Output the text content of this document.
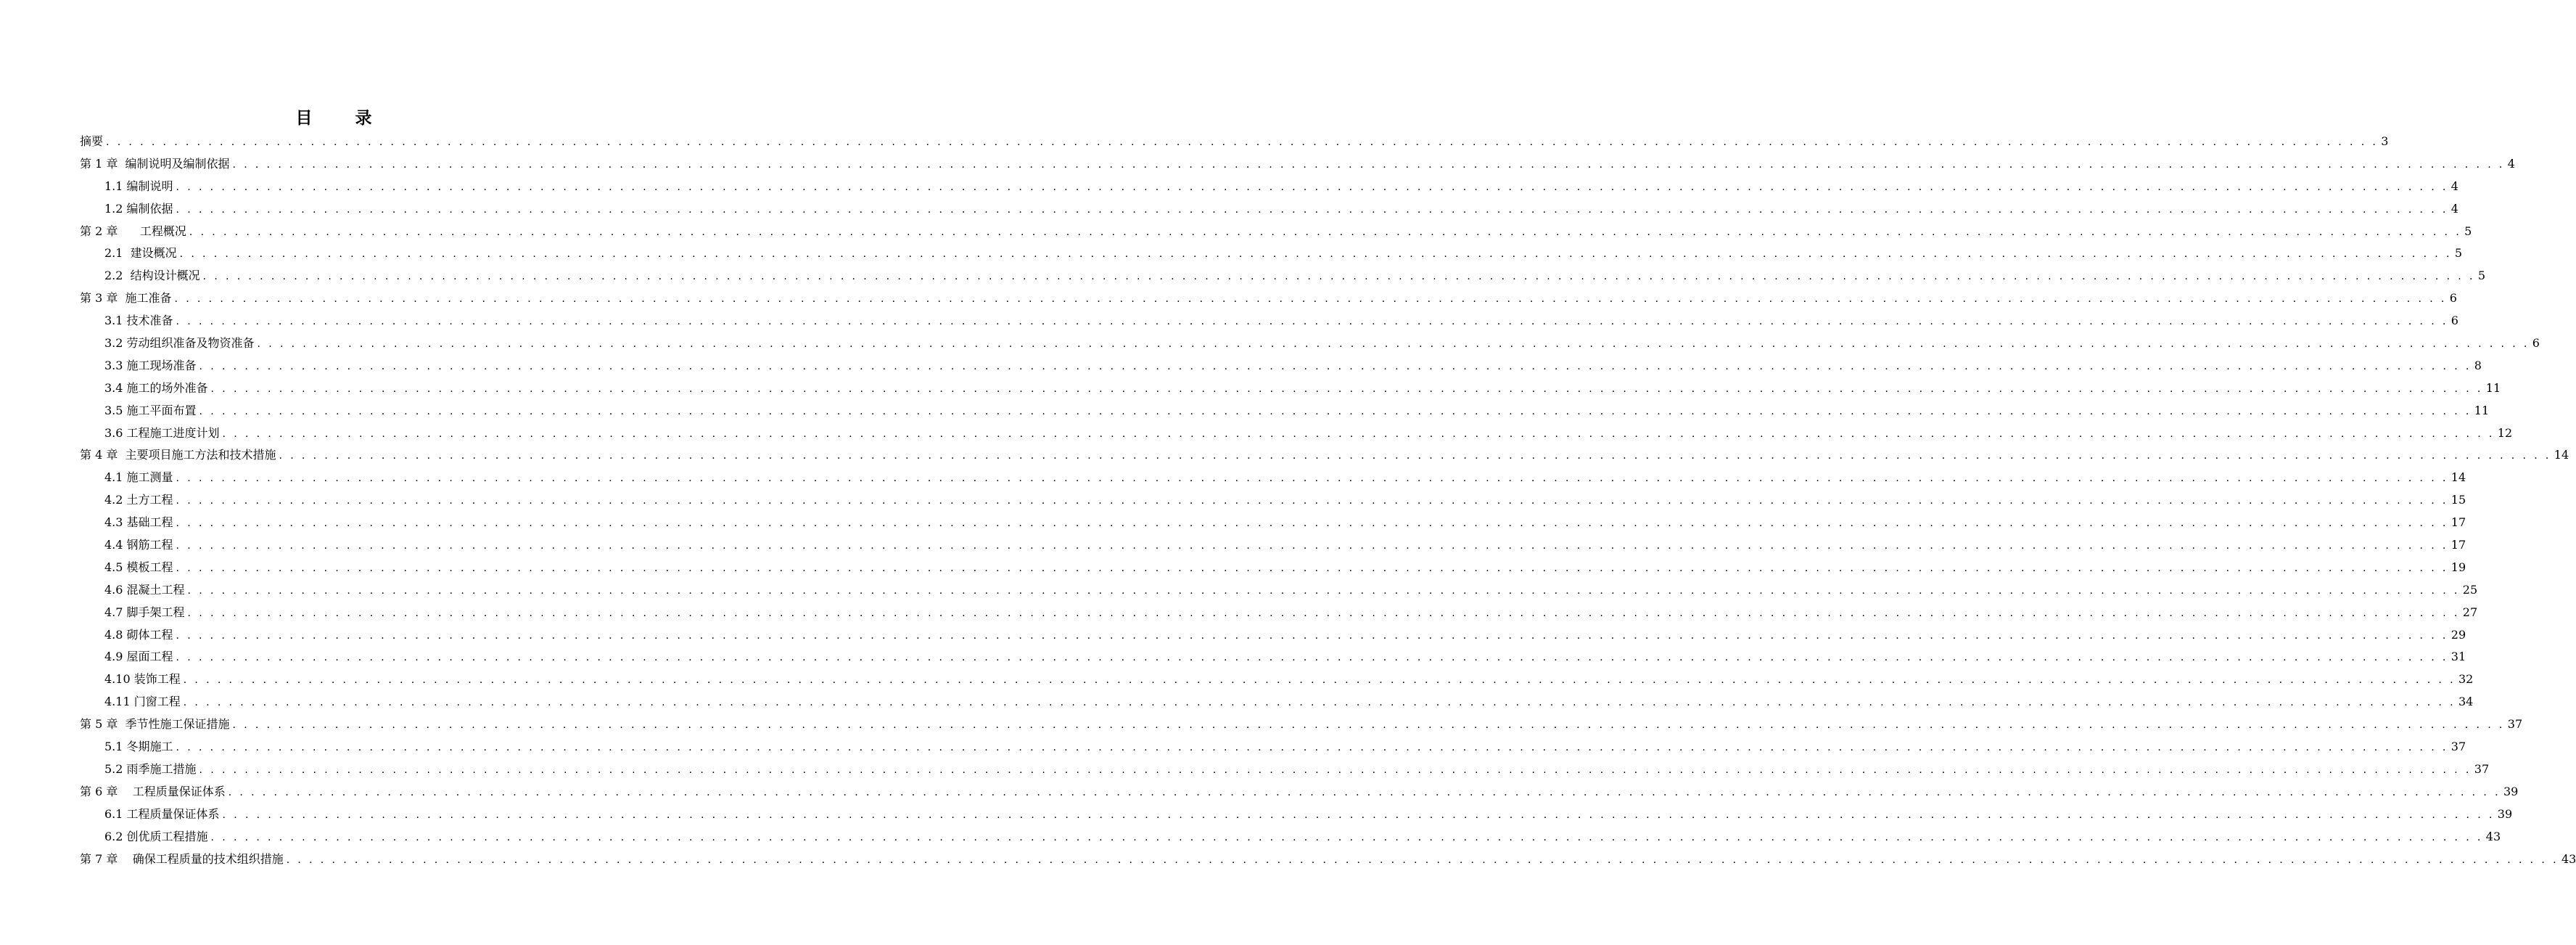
目　录
摘要 . . . . . . . . . . . . . . . . . . . . . . . . . . . . . . . . . . . . . . . . . . . . . . . . . . . . . . . . . . . . . . . . . . . . . . . . . . . . . . . . . . . . . . . . . . . . . . . . . . . . . . . . . . . . . . . . . . . . . . . . . . . . . . . . . . . . . . . . . . . . . . . . . . . . . . . . . . . . . . . . . . . . . . . . . . . . . . . . . . . . . . . . . . . . . . . . . . . . . . . . 3
第 1 章  编制说明及编制依据 . . . . . . . . . . . . . . . . . . . . . . . . . . . . . . . . . . . . . . . . . . . . . . . . . . . . . . . . . . . . . . . . . . . . . . . . . . . . . . . . . . . . . . . . . . . . . . . . . . . . . . . . . . . . . . . . . . . . . . . . . . . . . . . . . . . . . . . . . . . . . . . . . . . . . . . . . . . . . . . . . . . . . . . . . . . . . . . . . . . . . . . . . . . . . . . . . . . . . . . . 4
1.1 编制说明 . . . . . . . . . . . . . . . . . . . . . . . . . . . . . . . . . . . . . . . . . . . . . . . . . . . . . . . . . . . . . . . . . . . . . . . . . . . . . . . . . . . . . . . . . . . . . . . . . . . . . . . . . . . . . . . . . . . . . . . . . . . . . . . . . . . . . . . . . . . . . . . . . . . . . . . . . . . . . . . . . . . . . . . . . . . . . . . . . . . . . . . . . . . . . . . . . . . . . . . . 4
1.2 编制依据 . . . . . . . . . . . . . . . . . . . . . . . . . . . . . . . . . . . . . . . . . . . . . . . . . . . . . . . . . . . . . . . . . . . . . . . . . . . . . . . . . . . . . . . . . . . . . . . . . . . . . . . . . . . . . . . . . . . . . . . . . . . . . . . . . . . . . . . . . . . . . . . . . . . . . . . . . . . . . . . . . . . . . . . . . . . . . . . . . . . . . . . . . . . . . . . . . . . . . . . . 4
第 2 章      工程概况 . . . . . . . . . . . . . . . . . . . . . . . . . . . . . . . . . . . . . . . . . . . . . . . . . . . . . . . . . . . . . . . . . . . . . . . . . . . . . . . . . . . . . . . . . . . . . . . . . . . . . . . . . . . . . . . . . . . . . . . . . . . . . . . . . . . . . . . . . . . . . . . . . . . . . . . . . . . . . . . . . . . . . . . . . . . . . . . . . . . . . . . . . . . . . . . . . . . . . . . . 5
2.1  建设概况 . . . . . . . . . . . . . . . . . . . . . . . . . . . . . . . . . . . . . . . . . . . . . . . . . . . . . . . . . . . . . . . . . . . . . . . . . . . . . . . . . . . . . . . . . . . . . . . . . . . . . . . . . . . . . . . . . . . . . . . . . . . . . . . . . . . . . . . . . . . . . . . . . . . . . . . . . . . . . . . . . . . . . . . . . . . . . . . . . . . . . . . . . . . . . . . . . . . . . . . . 5
2.2  结构设计概况 . . . . . . . . . . . . . . . . . . . . . . . . . . . . . . . . . . . . . . . . . . . . . . . . . . . . . . . . . . . . . . . . . . . . . . . . . . . . . . . . . . . . . . . . . . . . . . . . . . . . . . . . . . . . . . . . . . . . . . . . . . . . . . . . . . . . . . . . . . . . . . . . . . . . . . . . . . . . . . . . . . . . . . . . . . . . . . . . . . . . . . . . . . . . . . . . . . . . . . . . 5
第 3 章  施工准备 . . . . . . . . . . . . . . . . . . . . . . . . . . . . . . . . . . . . . . . . . . . . . . . . . . . . . . . . . . . . . . . . . . . . . . . . . . . . . . . . . . . . . . . . . . . . . . . . . . . . . . . . . . . . . . . . . . . . . . . . . . . . . . . . . . . . . . . . . . . . . . . . . . . . . . . . . . . . . . . . . . . . . . . . . . . . . . . . . . . . . . . . . . . . . . . . . . . . . . . . 6
3.1 技术准备 . . . . . . . . . . . . . . . . . . . . . . . . . . . . . . . . . . . . . . . . . . . . . . . . . . . . . . . . . . . . . . . . . . . . . . . . . . . . . . . . . . . . . . . . . . . . . . . . . . . . . . . . . . . . . . . . . . . . . . . . . . . . . . . . . . . . . . . . . . . . . . . . . . . . . . . . . . . . . . . . . . . . . . . . . . . . . . . . . . . . . . . . . . . . . . . . . . . . . . . . 6
3.2 劳动组织准备及物资准备 . . . . . . . . . . . . . . . . . . . . . . . . . . . . . . . . . . . . . . . . . . . . . . . . . . . . . . . . . . . . . . . . . . . . . . . . . . . . . . . . . . . . . . . . . . . . . . . . . . . . . . . . . . . . . . . . . . . . . . . . . . . . . . . . . . . . . . . . . . . . . . . . . . . . . . . . . . . . . . . . . . . . . . . . . . . . . . . . . . . . . . . . . . . . . . . . . . . . . . . . 6
3.3 施工现场准备 . . . . . . . . . . . . . . . . . . . . . . . . . . . . . . . . . . . . . . . . . . . . . . . . . . . . . . . . . . . . . . . . . . . . . . . . . . . . . . . . . . . . . . . . . . . . . . . . . . . . . . . . . . . . . . . . . . . . . . . . . . . . . . . . . . . . . . . . . . . . . . . . . . . . . . . . . . . . . . . . . . . . . . . . . . . . . . . . . . . . . . . . . . . . . . . . . . . . . . . . 8
3.4 施工的场外准备 . . . . . . . . . . . . . . . . . . . . . . . . . . . . . . . . . . . . . . . . . . . . . . . . . . . . . . . . . . . . . . . . . . . . . . . . . . . . . . . . . . . . . . . . . . . . . . . . . . . . . . . . . . . . . . . . . . . . . . . . . . . . . . . . . . . . . . . . . . . . . . . . . . . . . . . . . . . . . . . . . . . . . . . . . . . . . . . . . . . . . . . . . . . . . . . . . . . . . . . . 11
3.5 施工平面布置 . . . . . . . . . . . . . . . . . . . . . . . . . . . . . . . . . . . . . . . . . . . . . . . . . . . . . . . . . . . . . . . . . . . . . . . . . . . . . . . . . . . . . . . . . . . . . . . . . . . . . . . . . . . . . . . . . . . . . . . . . . . . . . . . . . . . . . . . . . . . . . . . . . . . . . . . . . . . . . . . . . . . . . . . . . . . . . . . . . . . . . . . . . . . . . . . . . . . . . . . 11
3.6 工程施工进度计划 . . . . . . . . . . . . . . . . . . . . . . . . . . . . . . . . . . . . . . . . . . . . . . . . . . . . . . . . . . . . . . . . . . . . . . . . . . . . . . . . . . . . . . . . . . . . . . . . . . . . . . . . . . . . . . . . . . . . . . . . . . . . . . . . . . . . . . . . . . . . . . . . . . . . . . . . . . . . . . . . . . . . . . . . . . . . . . . . . . . . . . . . . . . . . . . . . . . . . . . . 12
第 4 章  主要项目施工方法和技术措施 . . . . . . . . . . . . . . . . . . . . . . . . . . . . . . . . . . . . . . . . . . . . . . . . . . . . . . . . . . . . . . . . . . . . . . . . . . . . . . . . . . . . . . . . . . . . . . . . . . . . . . . . . . . . . . . . . . . . . . . . . . . . . . . . . . . . . . . . . . . . . . . . . . . . . . . . . . . . . . . . . . . . . . . . . . . . . . . . . . . . . . . . . . . . . . . . . . . . . . . . 14
4.1 施工测量 . . . . . . . . . . . . . . . . . . . . . . . . . . . . . . . . . . . . . . . . . . . . . . . . . . . . . . . . . . . . . . . . . . . . . . . . . . . . . . . . . . . . . . . . . . . . . . . . . . . . . . . . . . . . . . . . . . . . . . . . . . . . . . . . . . . . . . . . . . . . . . . . . . . . . . . . . . . . . . . . . . . . . . . . . . . . . . . . . . . . . . . . . . . . . . . . . . . . . . . . 14
4.2 土方工程 . . . . . . . . . . . . . . . . . . . . . . . . . . . . . . . . . . . . . . . . . . . . . . . . . . . . . . . . . . . . . . . . . . . . . . . . . . . . . . . . . . . . . . . . . . . . . . . . . . . . . . . . . . . . . . . . . . . . . . . . . . . . . . . . . . . . . . . . . . . . . . . . . . . . . . . . . . . . . . . . . . . . . . . . . . . . . . . . . . . . . . . . . . . . . . . . . . . . . . . . 15
4.3 基础工程 . . . . . . . . . . . . . . . . . . . . . . . . . . . . . . . . . . . . . . . . . . . . . . . . . . . . . . . . . . . . . . . . . . . . . . . . . . . . . . . . . . . . . . . . . . . . . . . . . . . . . . . . . . . . . . . . . . . . . . . . . . . . . . . . . . . . . . . . . . . . . . . . . . . . . . . . . . . . . . . . . . . . . . . . . . . . . . . . . . . . . . . . . . . . . . . . . . . . . . . . 17
4.4 钢筋工程 . . . . . . . . . . . . . . . . . . . . . . . . . . . . . . . . . . . . . . . . . . . . . . . . . . . . . . . . . . . . . . . . . . . . . . . . . . . . . . . . . . . . . . . . . . . . . . . . . . . . . . . . . . . . . . . . . . . . . . . . . . . . . . . . . . . . . . . . . . . . . . . . . . . . . . . . . . . . . . . . . . . . . . . . . . . . . . . . . . . . . . . . . . . . . . . . . . . . . . . . 17
4.5 模板工程 . . . . . . . . . . . . . . . . . . . . . . . . . . . . . . . . . . . . . . . . . . . . . . . . . . . . . . . . . . . . . . . . . . . . . . . . . . . . . . . . . . . . . . . . . . . . . . . . . . . . . . . . . . . . . . . . . . . . . . . . . . . . . . . . . . . . . . . . . . . . . . . . . . . . . . . . . . . . . . . . . . . . . . . . . . . . . . . . . . . . . . . . . . . . . . . . . . . . . . . . 19
4.6 混凝土工程 . . . . . . . . . . . . . . . . . . . . . . . . . . . . . . . . . . . . . . . . . . . . . . . . . . . . . . . . . . . . . . . . . . . . . . . . . . . . . . . . . . . . . . . . . . . . . . . . . . . . . . . . . . . . . . . . . . . . . . . . . . . . . . . . . . . . . . . . . . . . . . . . . . . . . . . . . . . . . . . . . . . . . . . . . . . . . . . . . . . . . . . . . . . . . . . . . . . . . . . . 25
4.7 脚手架工程 . . . . . . . . . . . . . . . . . . . . . . . . . . . . . . . . . . . . . . . . . . . . . . . . . . . . . . . . . . . . . . . . . . . . . . . . . . . . . . . . . . . . . . . . . . . . . . . . . . . . . . . . . . . . . . . . . . . . . . . . . . . . . . . . . . . . . . . . . . . . . . . . . . . . . . . . . . . . . . . . . . . . . . . . . . . . . . . . . . . . . . . . . . . . . . . . . . . . . . . . 27
4.8 砌体工程 . . . . . . . . . . . . . . . . . . . . . . . . . . . . . . . . . . . . . . . . . . . . . . . . . . . . . . . . . . . . . . . . . . . . . . . . . . . . . . . . . . . . . . . . . . . . . . . . . . . . . . . . . . . . . . . . . . . . . . . . . . . . . . . . . . . . . . . . . . . . . . . . . . . . . . . . . . . . . . . . . . . . . . . . . . . . . . . . . . . . . . . . . . . . . . . . . . . . . . . . 29
4.9 屋面工程 . . . . . . . . . . . . . . . . . . . . . . . . . . . . . . . . . . . . . . . . . . . . . . . . . . . . . . . . . . . . . . . . . . . . . . . . . . . . . . . . . . . . . . . . . . . . . . . . . . . . . . . . . . . . . . . . . . . . . . . . . . . . . . . . . . . . . . . . . . . . . . . . . . . . . . . . . . . . . . . . . . . . . . . . . . . . . . . . . . . . . . . . . . . . . . . . . . . . . . . . 31
4.10 装饰工程 . . . . . . . . . . . . . . . . . . . . . . . . . . . . . . . . . . . . . . . . . . . . . . . . . . . . . . . . . . . . . . . . . . . . . . . . . . . . . . . . . . . . . . . . . . . . . . . . . . . . . . . . . . . . . . . . . . . . . . . . . . . . . . . . . . . . . . . . . . . . . . . . . . . . . . . . . . . . . . . . . . . . . . . . . . . . . . . . . . . . . . . . . . . . . . . . . . . . . . . . 32
4.11 门窗工程 . . . . . . . . . . . . . . . . . . . . . . . . . . . . . . . . . . . . . . . . . . . . . . . . . . . . . . . . . . . . . . . . . . . . . . . . . . . . . . . . . . . . . . . . . . . . . . . . . . . . . . . . . . . . . . . . . . . . . . . . . . . . . . . . . . . . . . . . . . . . . . . . . . . . . . . . . . . . . . . . . . . . . . . . . . . . . . . . . . . . . . . . . . . . . . . . . . . . . . . . 34
第 5 章  季节性施工保证措施 . . . . . . . . . . . . . . . . . . . . . . . . . . . . . . . . . . . . . . . . . . . . . . . . . . . . . . . . . . . . . . . . . . . . . . . . . . . . . . . . . . . . . . . . . . . . . . . . . . . . . . . . . . . . . . . . . . . . . . . . . . . . . . . . . . . . . . . . . . . . . . . . . . . . . . . . . . . . . . . . . . . . . . . . . . . . . . . . . . . . . . . . . . . . . . . . . . . . . . . . 37
5.1 冬期施工 . . . . . . . . . . . . . . . . . . . . . . . . . . . . . . . . . . . . . . . . . . . . . . . . . . . . . . . . . . . . . . . . . . . . . . . . . . . . . . . . . . . . . . . . . . . . . . . . . . . . . . . . . . . . . . . . . . . . . . . . . . . . . . . . . . . . . . . . . . . . . . . . . . . . . . . . . . . . . . . . . . . . . . . . . . . . . . . . . . . . . . . . . . . . . . . . . . . . . . . . 37
5.2 雨季施工措施 . . . . . . . . . . . . . . . . . . . . . . . . . . . . . . . . . . . . . . . . . . . . . . . . . . . . . . . . . . . . . . . . . . . . . . . . . . . . . . . . . . . . . . . . . . . . . . . . . . . . . . . . . . . . . . . . . . . . . . . . . . . . . . . . . . . . . . . . . . . . . . . . . . . . . . . . . . . . . . . . . . . . . . . . . . . . . . . . . . . . . . . . . . . . . . . . . . . . . . . . 37
第 6 章    工程质量保证体系 . . . . . . . . . . . . . . . . . . . . . . . . . . . . . . . . . . . . . . . . . . . . . . . . . . . . . . . . . . . . . . . . . . . . . . . . . . . . . . . . . . . . . . . . . . . . . . . . . . . . . . . . . . . . . . . . . . . . . . . . . . . . . . . . . . . . . . . . . . . . . . . . . . . . . . . . . . . . . . . . . . . . . . . . . . . . . . . . . . . . . . . . . . . . . . . . . . . . . . . . 39
6.1 工程质量保证体系 . . . . . . . . . . . . . . . . . . . . . . . . . . . . . . . . . . . . . . . . . . . . . . . . . . . . . . . . . . . . . . . . . . . . . . . . . . . . . . . . . . . . . . . . . . . . . . . . . . . . . . . . . . . . . . . . . . . . . . . . . . . . . . . . . . . . . . . . . . . . . . . . . . . . . . . . . . . . . . . . . . . . . . . . . . . . . . . . . . . . . . . . . . . . . . . . . . . . . . . . 39
6.2 创优质工程措施 . . . . . . . . . . . . . . . . . . . . . . . . . . . . . . . . . . . . . . . . . . . . . . . . . . . . . . . . . . . . . . . . . . . . . . . . . . . . . . . . . . . . . . . . . . . . . . . . . . . . . . . . . . . . . . . . . . . . . . . . . . . . . . . . . . . . . . . . . . . . . . . . . . . . . . . . . . . . . . . . . . . . . . . . . . . . . . . . . . . . . . . . . . . . . . . . . . . . . . . . 43
第 7 章    确保工程质量的技术组织措施 . . . . . . . . . . . . . . . . . . . . . . . . . . . . . . . . . . . . . . . . . . . . . . . . . . . . . . . . . . . . . . . . . . . . . . . . . . . . . . . . . . . . . . . . . . . . . . . . . . . . . . . . . . . . . . . . . . . . . . . . . . . . . . . . . . . . . . . . . . . . . . . . . . . . . . . . . . . . . . . . . . . . . . . . . . . . . . . . . . . . . . . . . . . . . . . . . . . . . . . . 43
